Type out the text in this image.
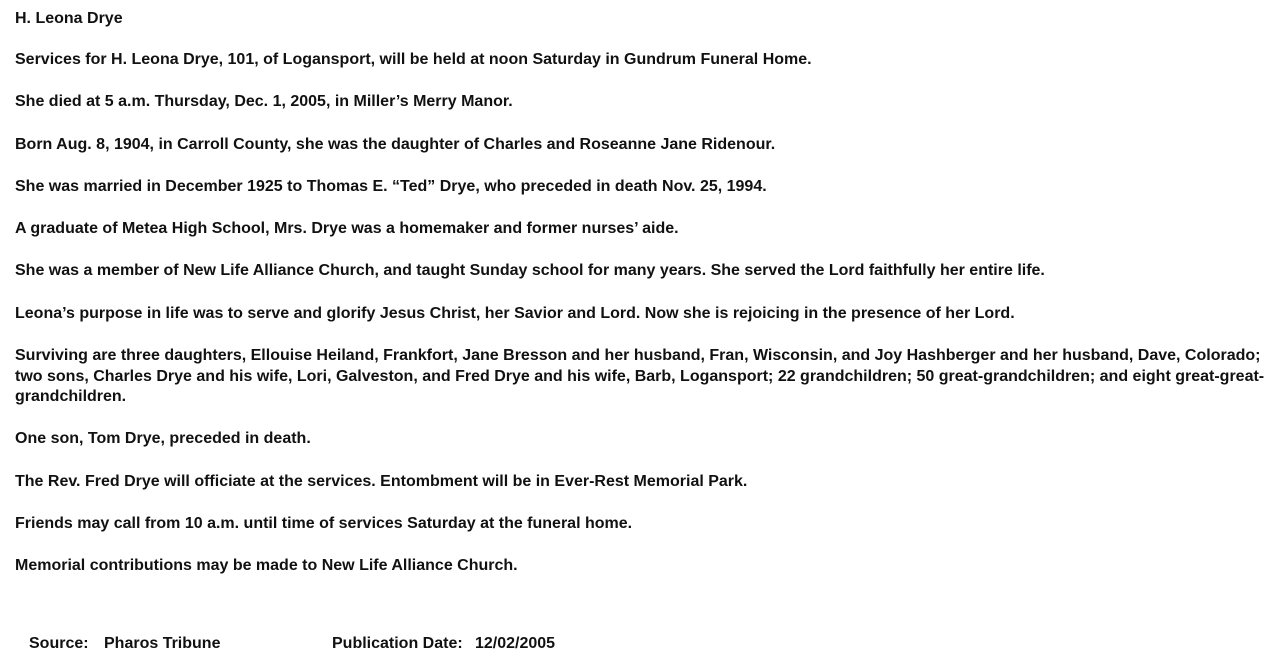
H. Leona Drye
Services for H. Leona Drye, 101, of Logansport, will be held at noon Saturday in Gundrum Funeral Home.
She died at 5 a.m. Thursday, Dec. 1, 2005, in Miller’s Merry Manor.
Born Aug. 8, 1904, in Carroll County, she was the daughter of Charles and Roseanne Jane Ridenour.
She was married in December 1925 to Thomas E. “Ted” Drye, who preceded in death Nov. 25, 1994.
A graduate of Metea High School, Mrs. Drye was a homemaker and former nurses’ aide.
She was a member of New Life Alliance Church, and taught Sunday school for many years. She served the Lord faithfully her entire life.
Leona’s purpose in life was to serve and glorify Jesus Christ, her Savior and Lord. Now she is rejoicing in the presence of her Lord.
Surviving are three daughters, Ellouise Heiland, Frankfort, Jane Bresson and her husband, Fran, Wisconsin, and Joy Hashberger and her husband, Dave, Colorado; two sons, Charles Drye and his wife, Lori, Galveston, and Fred Drye and his wife, Barb, Logansport; 22 grandchildren; 50 great-grandchildren; and eight great-great-grandchildren.
One son, Tom Drye, preceded in death.
The Rev. Fred Drye will officiate at the services. Entombment will be in Ever-Rest Memorial Park.
Friends may call from 10 a.m. until time of services Saturday at the funeral home.
Memorial contributions may be made to New Life Alliance Church.
Source: Pharos Tribune	Publication Date: 12/02/2005
